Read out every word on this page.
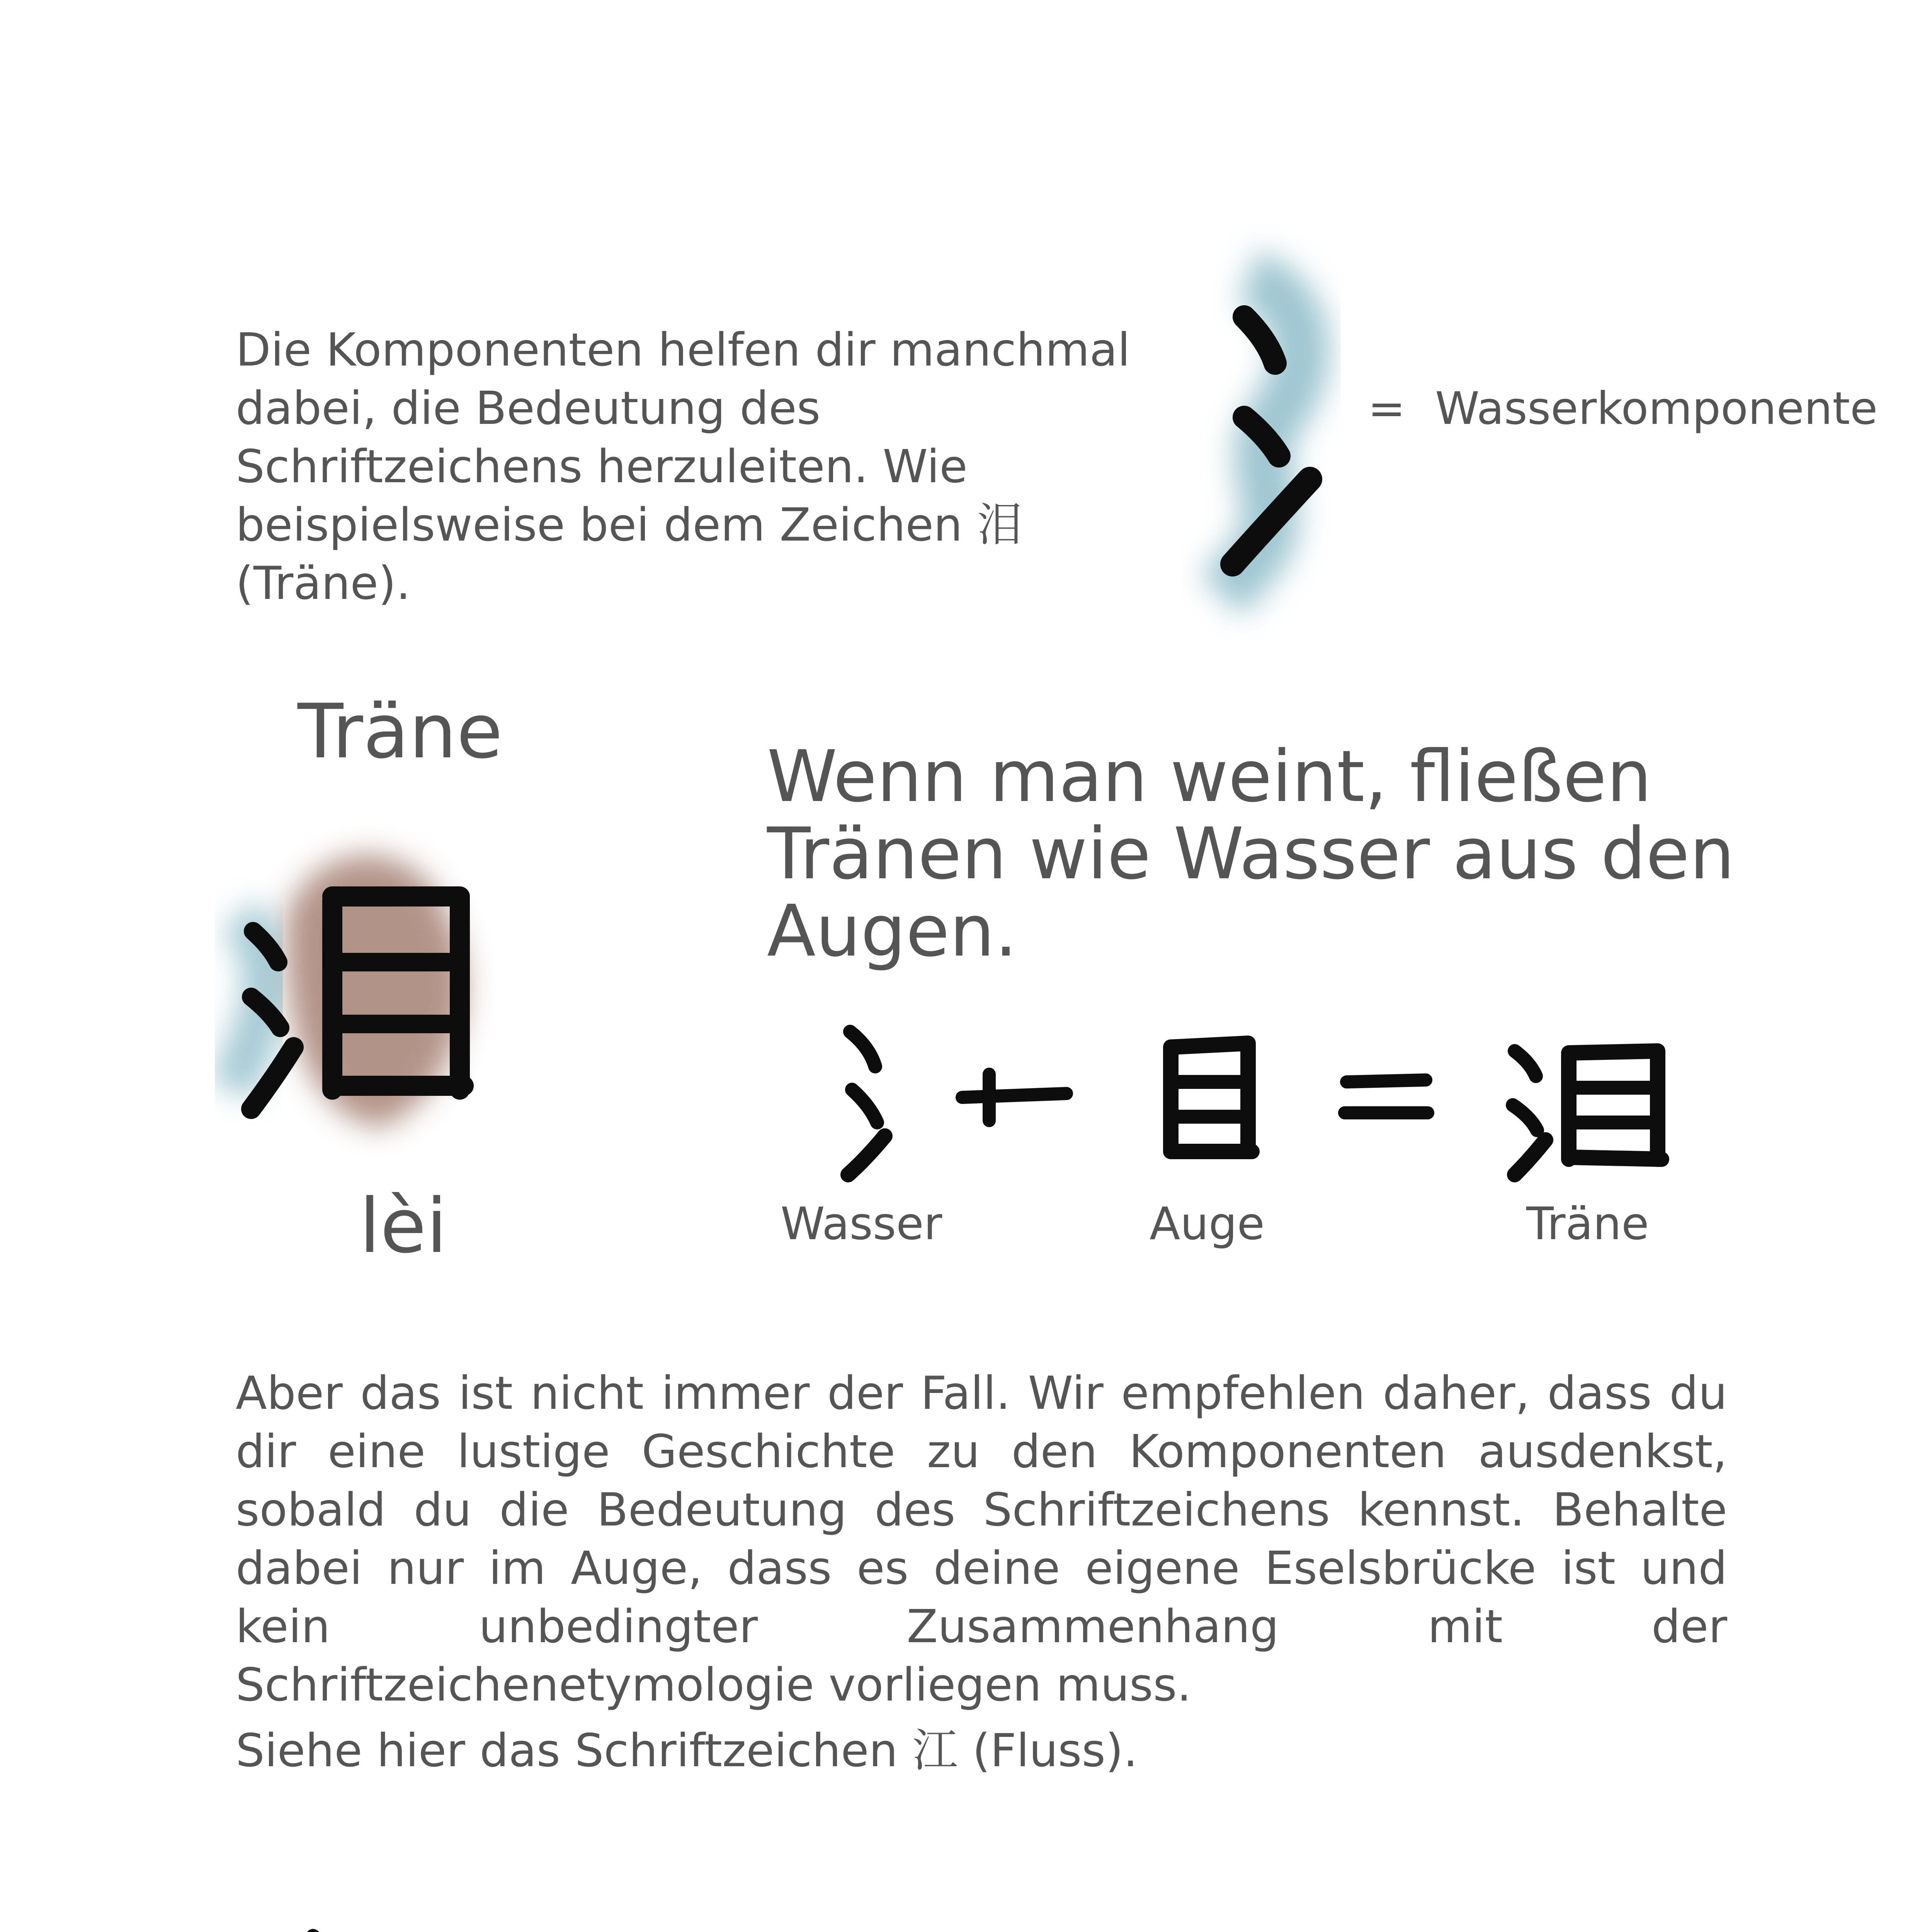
Die Komponenten helfen dir manchmal dabei, die Bedeutung des Schriftzeichens herzuleiten. Wie beispielsweise bei dem Zeichen 泪 (Träne).
= Wasserkomponente
Träne
lèi
Wenn man weint, fließen Tränen wie Wasser aus den Augen.
Wasser	Auge	Träne
Aber das ist nicht immer der Fall. Wir empfehlen daher, dass du dir eine lustige Geschichte zu den Komponenten ausdenkst, sobald du die Bedeutung des Schriftzeichens kennst. Behalte dabei nur im Auge, dass es deine eigene Eselsbrücke ist und kein unbedingter Zusammenhang mit der Schriftzeichenetymologie vorliegen muss.
Siehe hier das Schriftzeichen 江 (Fluss).
